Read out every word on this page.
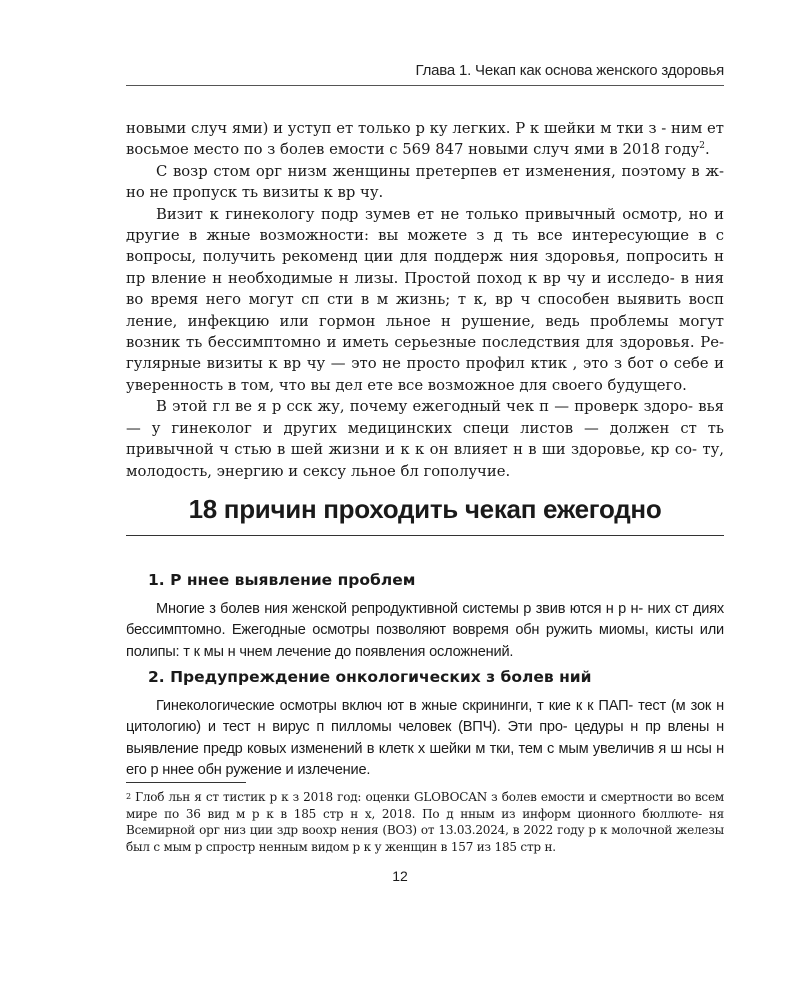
Глава 1. Чекап как основа женского здоровья

новыми случ ями) и уступ ет только р ку легких. Р к шейки м тки з - ним ет восьмое место по з болев емости с 569 847 новыми случ ями в 2018 году$^2$.

С возр стом орг низм женщины претерпев ет изменения, поэтому в ж- но не пропуск ть визиты к вр чу.

Визит к гинекологу подр зумев ет не только привычный осмотр, но и другие в жные возможности: вы можете з д ть все интересующие в с вопросы, получить рекоменд ции для поддерж ния здоровья, попросить н пр вление н необходимые н лизы. Простой поход к вр чу и исследо- в ния во время него могут сп сти в м жизнь; т к, вр ч способен выявить восп ление, инфекцию или гормон льное н рушение, ведь проблемы могут возник ть бессимптомно и иметь серьезные последствия для здоровья. Ре- гулярные визиты к вр чу — это не просто профил ктик , это з бот о себе и уверенность в том, что вы дел ете все возможное для своего будущего.

В этой гл ве я р сск жу, почему ежегодный чек п — проверк здоро- вья — у гинеколог и других медицинских специ листов — должен ст ть привычной ч стью в шей жизни и к к он влияет н в ши здоровье, кр со- ту, молодость, энергию и сексу льное бл гополучие.

18 причин проходить чекап ежегодно
1. Р ннее выявление проблем

Многие з болев ния женской репродуктивной системы р звив ются н р н- них ст диях бессимптомно. Ежегодные осмотры позволяют вовремя обн ружить миомы, кисты или полипы: т к мы н чнем лечение до появления осложнений.

2. Предупреждение онкологических з болев ний

Гинекологические осмотры включ ют в жные скрининги, т кие к к ПАП- тест (м зок н цитологию) и тест н вирус п пилломы человек (ВПЧ). Эти про- цедуры н пр влены н выявление предр ковых изменений в клетк х шейки м тки, тем с мым увеличив я ш нсы н его р ннее обн ружение и излечение.

$^2$ Глоб льн я ст тистик р к з 2018 год: оценки GLOBOCAN з болев емости и смертности во всем мире по 36 вид м р к в 185 стр н х, 2018. По д нным из информ ционного бюллюте- ня Всемирной орг низ ции здр воохр нения (ВОЗ) от 13.03.2024, в 2022 году р к молочной железы был с мым р спростр ненным видом р к у женщин в 157 из 185 стр н.
12
